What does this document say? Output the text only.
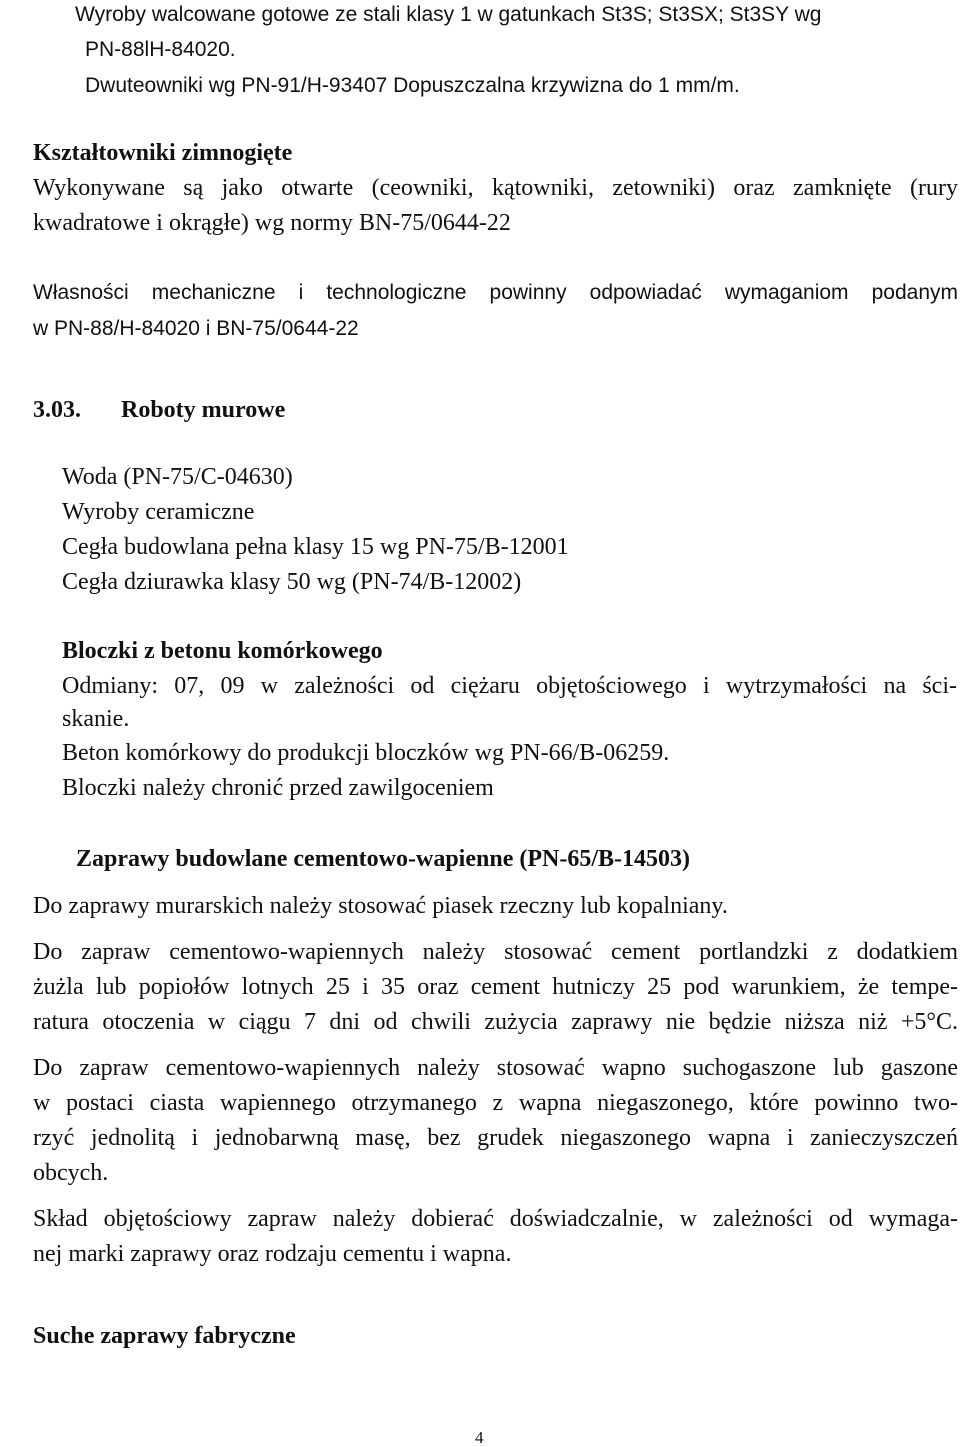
Wyroby walcowane gotowe ze stali klasy 1 w gatunkach St3S; St3SX; St3SY wg
PN-88lH-84020.
Dwuteowniki wg PN-91/H-93407 Dopuszczalna krzywizna do 1 mm/m.
Kształtowniki zimnogięte
Wykonywane są jako otwarte (ceowniki, kątowniki, zetowniki) oraz zamknięte (rury
kwadratowe i okrągłe) wg normy BN-75/0644-22
Własności mechaniczne i technologiczne powinny odpowiadać wymaganiom podanym
w PN-88/H-84020 i BN-75/0644-22
3.03. Roboty murowe
Woda (PN-75/C-04630)
Wyroby ceramiczne
Cegła budowlana pełna klasy 15 wg PN-75/B-12001
Cegła dziurawka klasy 50 wg (PN-74/B-12002)
Bloczki z betonu komórkowego
Odmiany: 07, 09 w zależności od ciężaru objętościowego i wytrzymałości na ści-
skanie.
Beton komórkowy do produkcji bloczków wg PN-66/B-06259.
Bloczki należy chronić przed zawilgoceniem
Zaprawy budowlane cementowo-wapienne (PN-65/B-14503)
Do zaprawy murarskich należy stosować piasek rzeczny lub kopalniany.
Do zapraw cementowo-wapiennych należy stosować cement portlandzki z dodatkiem
żużla lub popiołów lotnych 25 i 35 oraz cement hutniczy 25 pod warunkiem, że tempe-
ratura otoczenia w ciągu 7 dni od chwili zużycia zaprawy nie będzie niższa niż +5°C.
Do zapraw cementowo-wapiennych należy stosować wapno suchogaszone lub gaszone
w postaci ciasta wapiennego otrzymanego z wapna niegaszonego, które powinno two-
rzyć jednolitą i jednobarwną masę, bez grudek niegaszonego wapna i zanieczyszczeń
obcych.
Skład objętościowy zapraw należy dobierać doświadczalnie, w zależności od wymaga-
nej marki zaprawy oraz rodzaju cementu i wapna.
Suche zaprawy fabryczne
4
